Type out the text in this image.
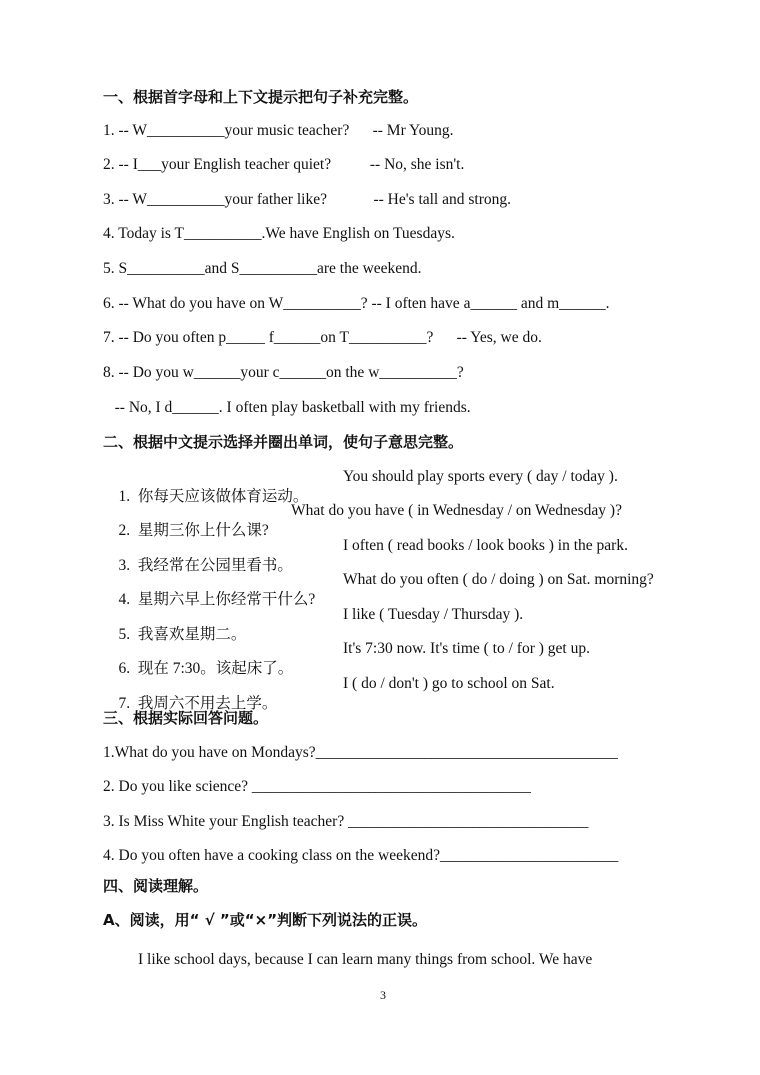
一、根据首字母和上下文提示把句子补充完整。
1. -- W__________your music teacher?      -- Mr Young.
2. -- I___your English teacher quiet?          -- No, she isn't.
3. -- W__________your father like?            -- He's tall and strong.
4. Today is T__________.We have English on Tuesdays.
5. S__________and S__________are the weekend.
6. -- What do you have on W__________? -- I often have a______ and m______.
7. -- Do you often p_____ f______on T__________?      -- Yes, we do.
8. -- Do you w______your c______on the w__________?
-- No, I d______. I often play basketball with my friends.
二、根据中文提示选择并圈出单词，使句子意思完整。

1.  你每天应该做体育运动。

You should play sports every ( day / today ).

2.  星期三你上什么课?

What do you have ( in Wednesday / on Wednesday )?

3.  我经常在公园里看书。

I often ( read books / look books ) in the park.

4.  星期六早上你经常干什么?

What do you often ( do / doing ) on Sat. morning?

5.  我喜欢星期二。

I like ( Tuesday / Thursday ).

6.  现在 7:30。该起床了。

It's 7:30 now. It's time ( to / for ) get up.

7.  我周六不用去上学。

I ( do / don't ) go to school on Sat.

三、根据实际回答问题。
1.What do you have on Mondays?_______________________________________
2. Do you like science? ____________________________________
3. Is Miss White your English teacher? _______________________________
4. Do you often have a cooking class on the weekend?_______________________
四、阅读理解。
A、阅读，用“ √ ”或“×”判断下列说法的正误。
I like school days, because I can learn many things from school. We have
3
